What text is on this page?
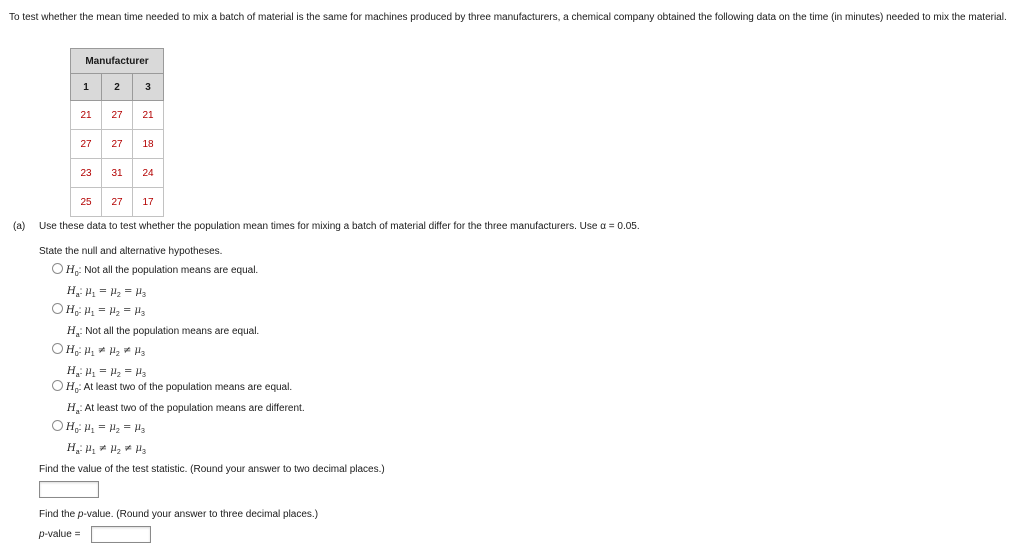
To test whether the mean time needed to mix a batch of material is the same for machines produced by three manufacturers, a chemical company obtained the following data on the time (in minutes) needed to mix the material.
Manufacturer		
1	2	3
21	27	21
27	27	18
23	31	24
25	27	17
(a) Use these data to test whether the population mean times for mixing a batch of material differ for the three manufacturers. Use α = 0.05.
State the null and alternative hypotheses.
$H_0$: Not all the population means are equal.
$H_a$: $\mu_1 = \mu_2 = \mu_3$
$H_0$: $\mu_1 = \mu_2 = \mu_3$
$H_a$: Not all the population means are equal.
$H_0$: $\mu_1 \ne \mu_2 \ne \mu_3$
$H_a$: $\mu_1 = \mu_2 = \mu_3$
$H_0$: At least two of the population means are equal.
$H_a$: At least two of the population means are different.
$H_0$: $\mu_1 = \mu_2 = \mu_3$
$H_a$: $\mu_1 \ne \mu_2 \ne \mu_3$
Find the value of the test statistic. (Round your answer to two decimal places.)
Find the p-value. (Round your answer to three decimal places.)
p-value =
